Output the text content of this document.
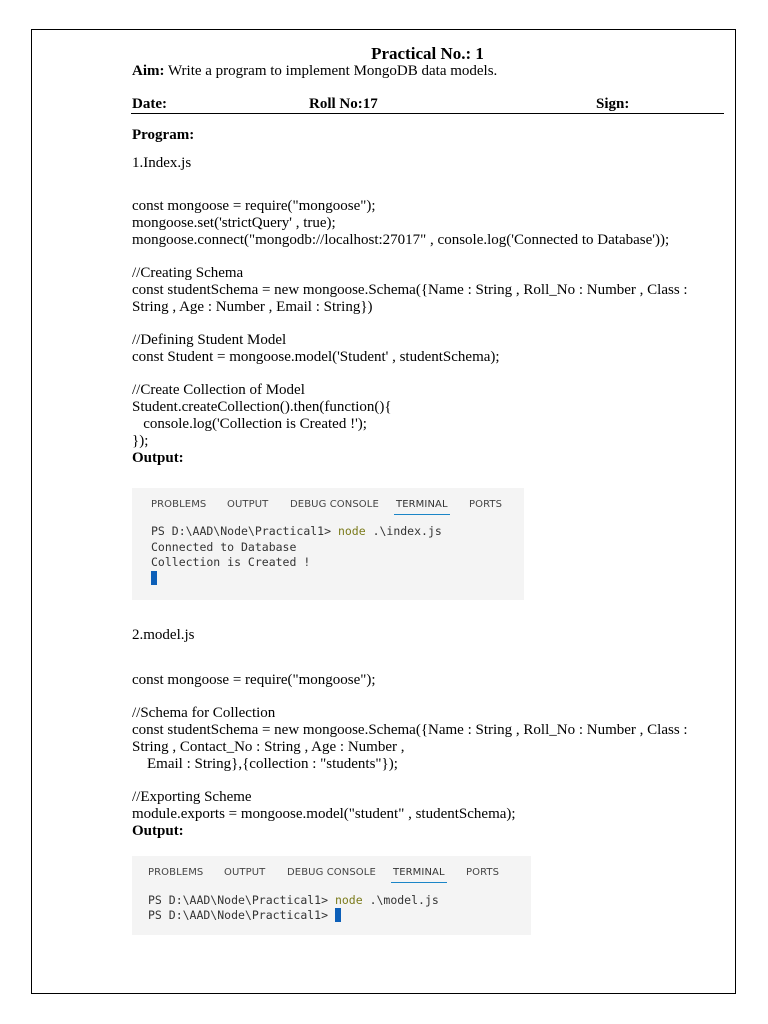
Practical No.: 1
Aim: Write a program to implement MongoDB data models.
Date:	Roll No:17	Sign:
Program:
1.Index.js

const mongoose = require("mongoose");
mongoose.set('strictQuery' , true);
mongoose.connect("mongodb://localhost:27017" , console.log('Connected to Database'));

//Creating Schema
const studentSchema = new mongoose.Schema({Name : String , Roll_No : Number , Class :
String , Age : Number , Email : String})

//Defining Student Model
const Student = mongoose.model('Student' , studentSchema);

//Create Collection of Model
Student.createCollection().then(function(){
console.log('Collection is Created !');
});
Output:
PROBLEMS OUTPUT DEBUG CONSOLE TERMINAL PORTS
PS D:\AAD\Node\Practical1> node .\index.js
Connected to Database
Collection is Created !
2.model.js

const mongoose = require("mongoose");

//Schema for Collection
const studentSchema = new mongoose.Schema({Name : String , Roll_No : Number , Class :
String , Contact_No : String , Age : Number ,
Email : String},{collection : "students"});

//Exporting Scheme
module.exports = mongoose.model("student" , studentSchema);
Output:
PROBLEMS OUTPUT DEBUG CONSOLE TERMINAL PORTS
PS D:\AAD\Node\Practical1> node .\model.js
PS D:\AAD\Node\Practical1>
